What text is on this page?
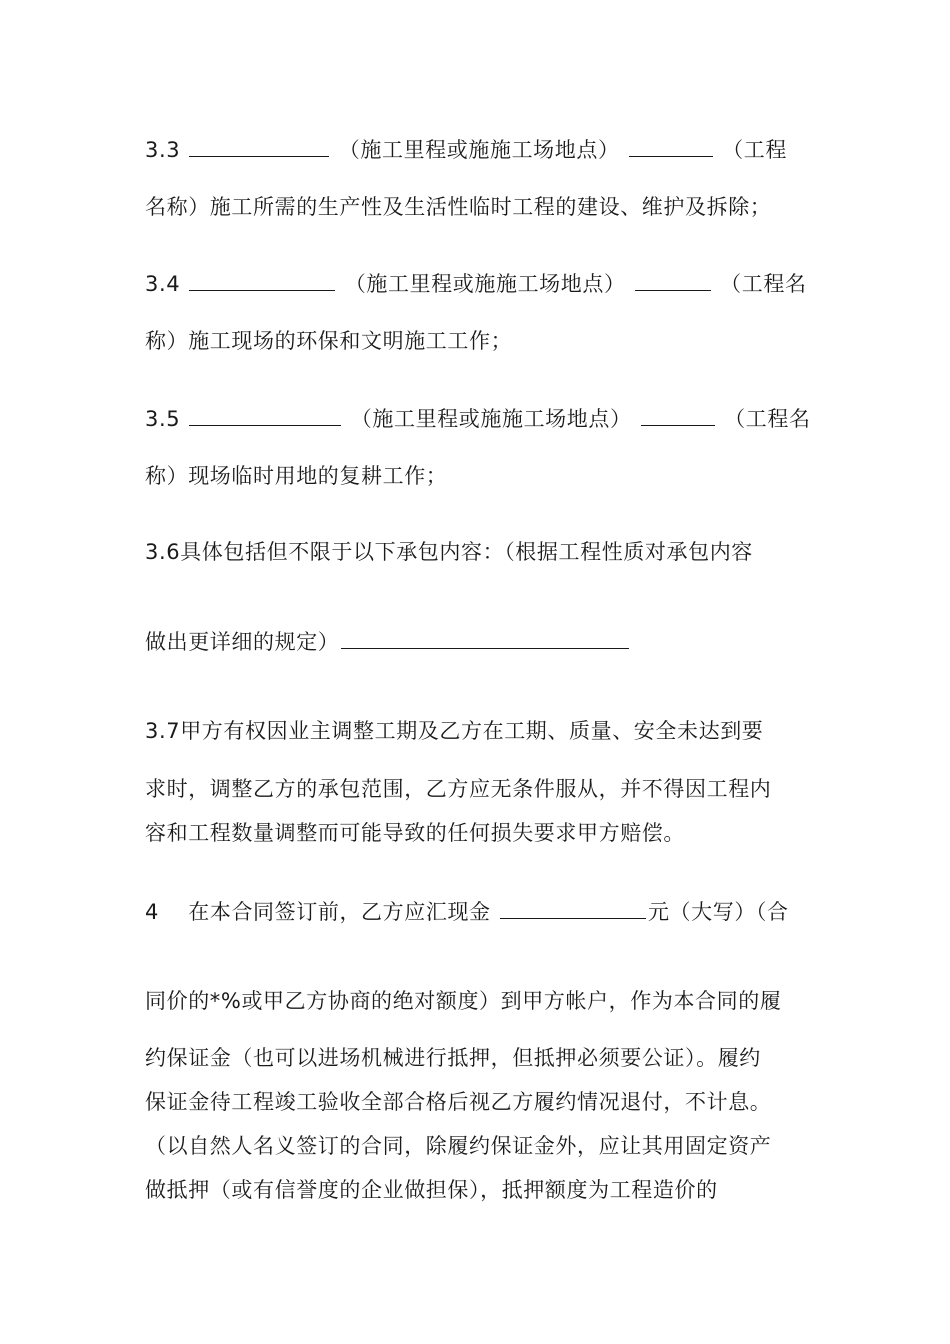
3.3	（施工里程或施施工场地点）	（工程
名称）施工所需的生产性及生活性临时工程的建设、维护及拆除；
3.4	（施工里程或施施工场地点）	（工程名
称）施工现场的环保和文明施工工作；
3.5	（施工里程或施施工场地点）	（工程名
称）现场临时用地的复耕工作；
3.6具体包括但不限于以下承包内容：（根据工程性质对承包内容
做出更详细的规定）
3.7甲方有权因业主调整工期及乙方在工期、质量、安全未达到要
求时，调整乙方的承包范围，乙方应无条件服从，并不得因工程内
容和工程数量调整而可能导致的任何损失要求甲方赔偿。
4 在本合同签订前，乙方应汇现金	元（大写）（合
同价的*%或甲乙方协商的绝对额度）到甲方帐户，作为本合同的履
约保证金（也可以进场机械进行抵押，但抵押必须要公证）。履约
保证金待工程竣工验收全部合格后视乙方履约情况退付，不计息。
（以自然人名义签订的合同，除履约保证金外，应让其用固定资产
做抵押（或有信誉度的企业做担保），抵押额度为工程造价的
